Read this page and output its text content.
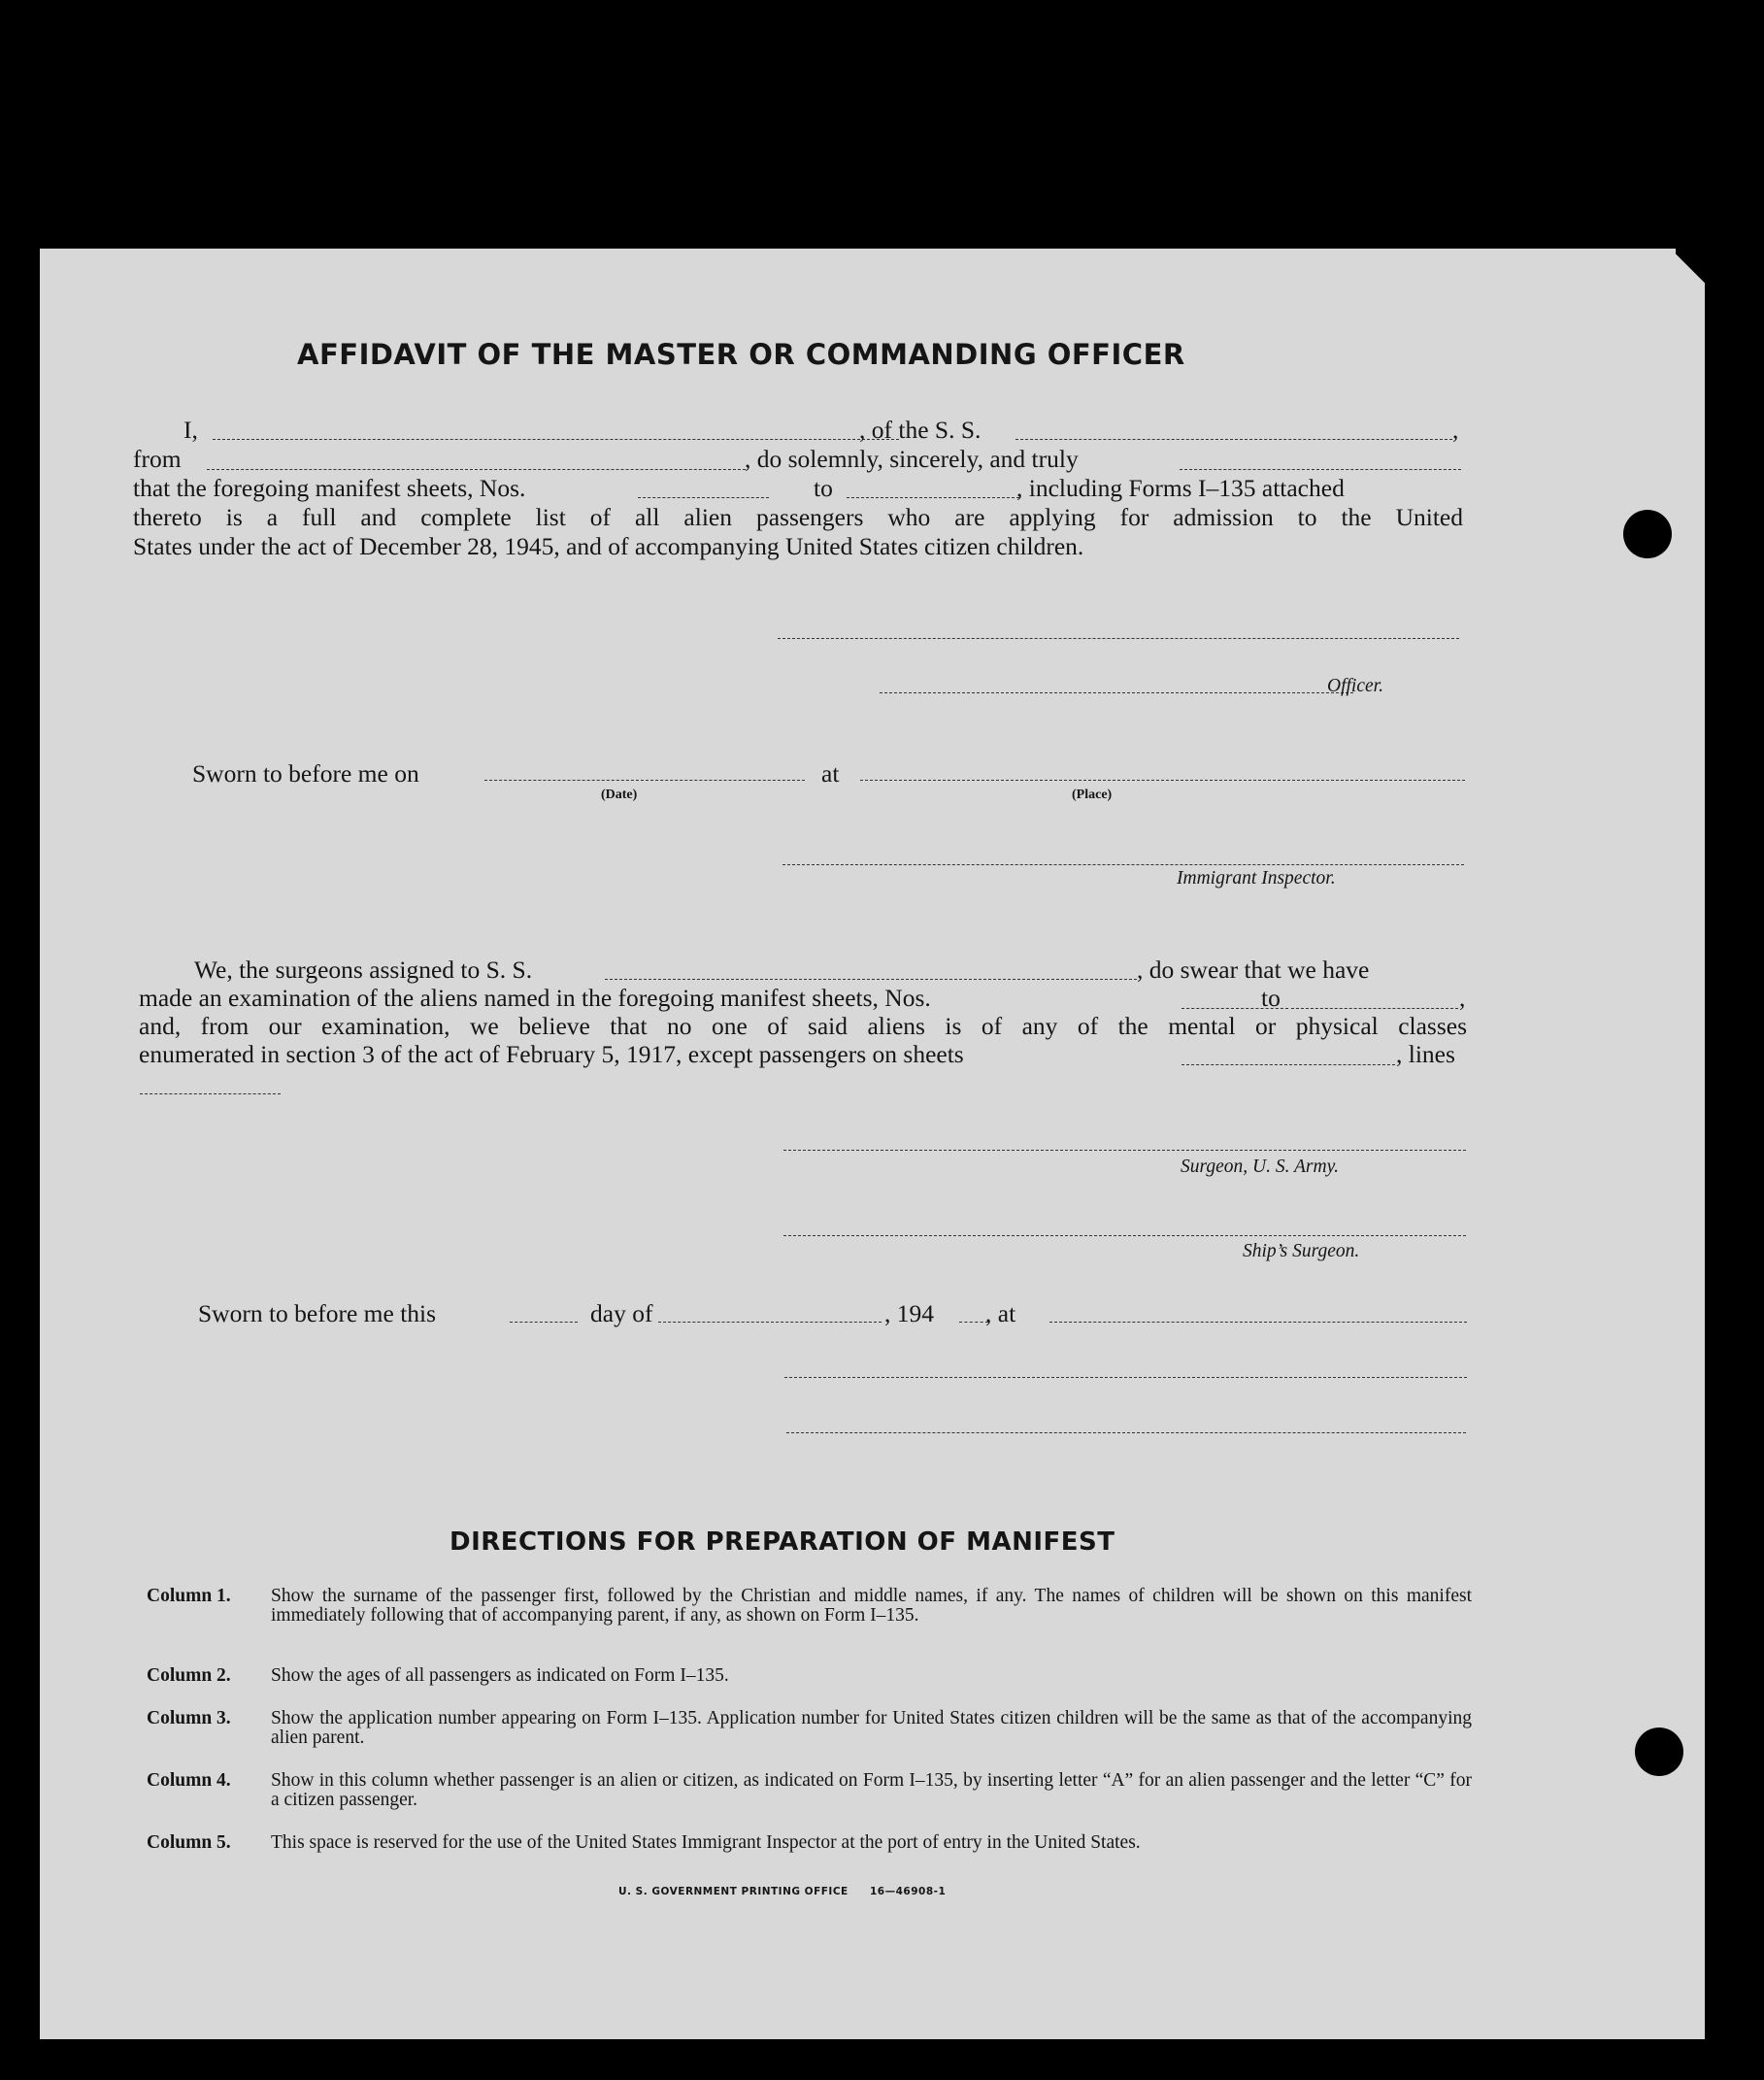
AFFIDAVIT OF THE MASTER OR COMMANDING OFFICER
I,	, of the S. S.	,
from	, do solemnly, sincerely, and truly
that the foregoing manifest sheets, Nos.	to	, including Forms I–135 attached
thereto is a full and complete list of all alien passengers who are applying for admission to the United
States under the act of December 28, 1945, and of accompanying United States citizen children.
Officer.
Sworn to before me on
(Date)
at
(Place)
Immigrant Inspector.
We, the surgeons assigned to S. S.	, do swear that we have
made an examination of the aliens named in the foregoing manifest sheets, Nos.	to	,
and, from our examination, we believe that no one of said aliens is of any of the mental or physical classes
enumerated in section 3 of the act of February 5, 1917, except passengers on sheets	, lines
Surgeon, U. S. Army.
Ship’s Surgeon.
Sworn to before me this	day of	, 194 , at
DIRECTIONS FOR PREPARATION OF MANIFEST
Column 1.	Show the surname of the passenger first, followed by the Christian and middle names, if any. The names of children will be shown on this manifest immediately following that of accompanying parent, if any, as shown on Form I–135.
Column 2.	Show the ages of all passengers as indicated on Form I–135.
Column 3.	Show the application number appearing on Form I–135. Application number for United States citizen children will be the same as that of the accompanying alien parent.
Column 4.	Show in this column whether passenger is an alien or citizen, as indicated on Form I–135, by inserting letter “A” for an alien passenger and the letter “C” for a citizen passenger.
Column 5.	This space is reserved for the use of the United States Immigrant Inspector at the port of entry in the United States.
U. S. GOVERNMENT PRINTING OFFICE 16—46908-1
